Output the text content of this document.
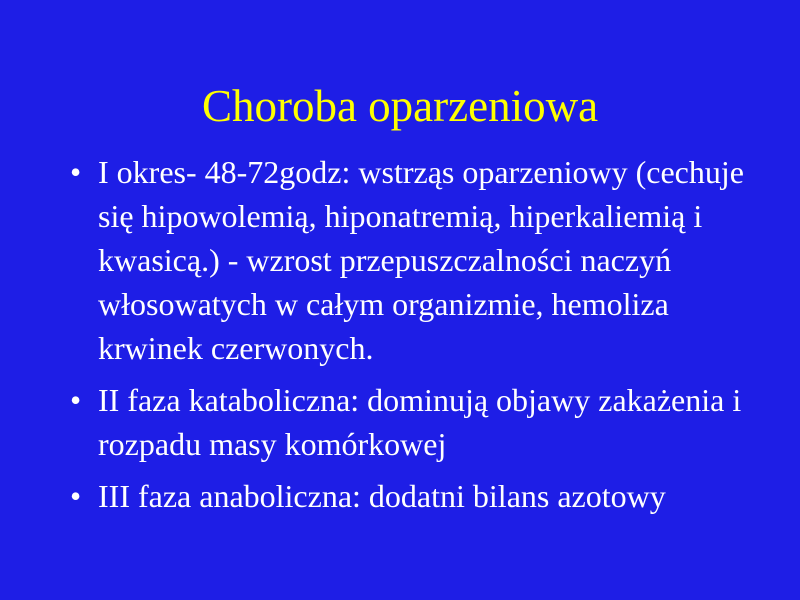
Choroba oparzeniowa
• I okres- 48-72godz: wstrząs oparzeniowy (cechuje się hipowolemią, hiponatremią, hiperkaliemią i kwasicą.) - wzrost przepuszczalności naczyń włosowatych w całym organizmie, hemoliza krwinek czerwonych.
• II faza kataboliczna: dominują objawy zakażenia i rozpadu masy komórkowej
• III faza anaboliczna: dodatni bilans azotowy
